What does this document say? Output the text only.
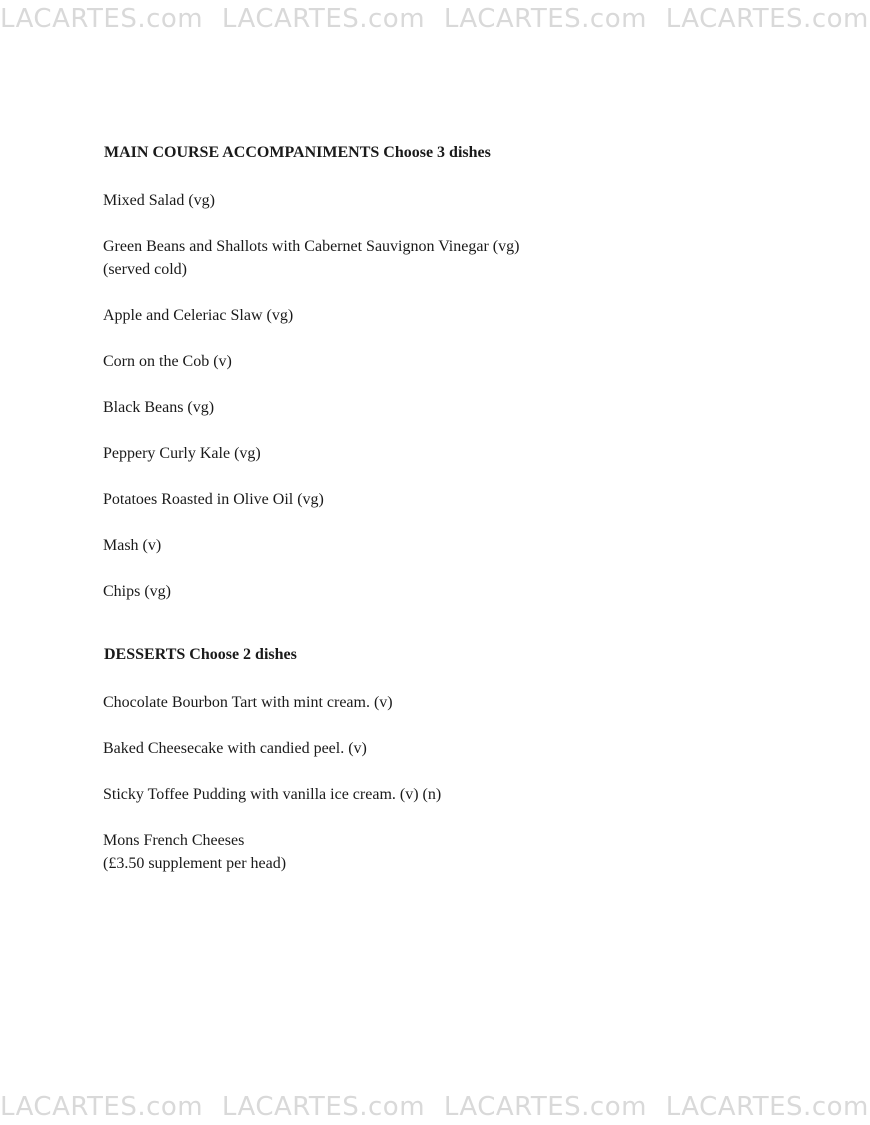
LACARTES.com LACARTES.com LACARTES.com LACARTES.com
MAIN COURSE ACCOMPANIMENTS Choose 3 dishes
Mixed Salad (vg)
Green Beans and Shallots with Cabernet Sauvignon Vinegar (vg)
(served cold)
Apple and Celeriac Slaw (vg)
Corn on the Cob (v)
Black Beans (vg)
Peppery Curly Kale (vg)
Potatoes Roasted in Olive Oil (vg)
Mash (v)
Chips (vg)
DESSERTS Choose 2 dishes
Chocolate Bourbon Tart with mint cream. (v)
Baked Cheesecake with candied peel. (v)
Sticky Toffee Pudding with vanilla ice cream. (v) (n)
Mons French Cheeses
(£3.50 supplement per head)
LACARTES.com LACARTES.com LACARTES.com LACARTES.com
